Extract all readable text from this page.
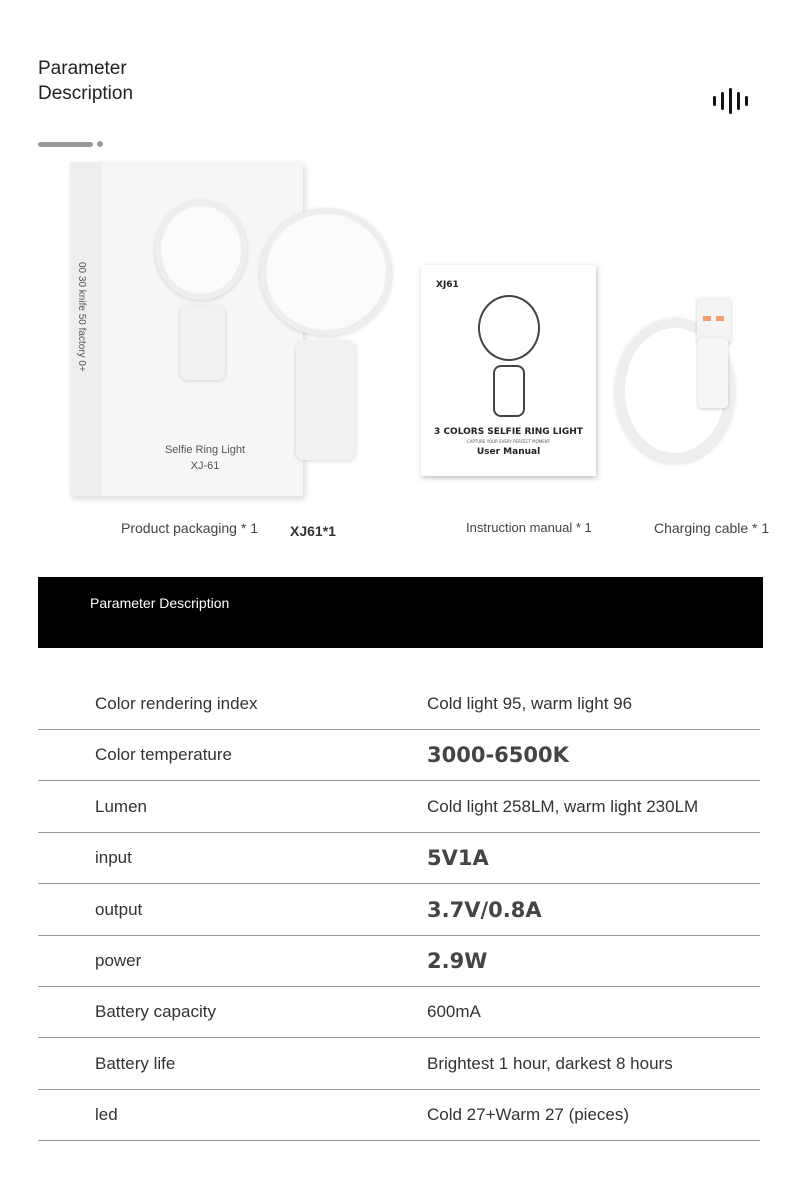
Parameter
Description
00 30 knife 50 factory 0+
Selfie Ring Light
XJ-61
XJ61
3 COLORS SELFIE RING LIGHT
CAPTURE YOUR EVERY PERFECT MOMENT
User Manual
Product packaging * 1 XJ61*1	Instruction manual * 1	Charging cable * 1
Parameter Description
Color rendering index	Cold light 95, warm light 96
Color temperature	3000-6500K
Lumen	Cold light 258LM, warm light 230LM
input	5V1A
output	3.7V/0.8A
power	2.9W
Battery capacity	600mA
Battery life	Brightest 1 hour, darkest 8 hours
led	Cold 27+Warm 27 (pieces)
